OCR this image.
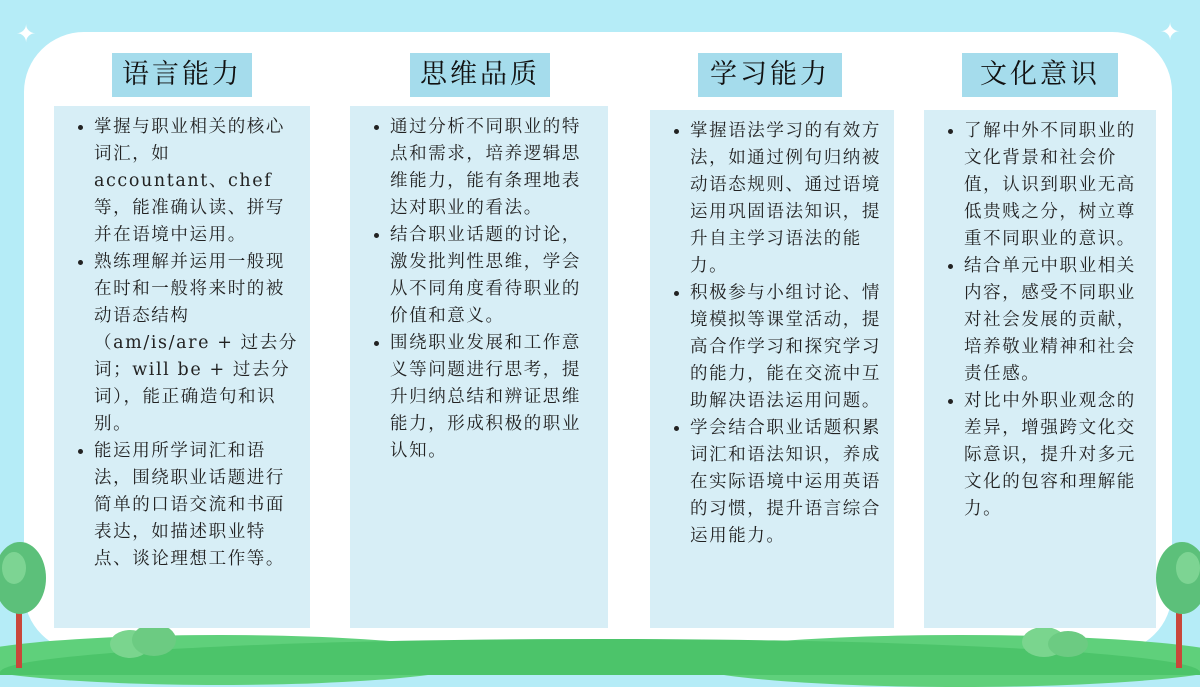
✦	✦
语言能力
• 掌握与职业相关的核心词汇，如accountant、chef等，能准确认读、拼写并在语境中运用。
• 熟练理解并运用一般现在时和一般将来时的被动语态结构（am/is/are + 过去分词；will be + 过去分词），能正确造句和识别。
• 能运用所学词汇和语法，围绕职业话题进行简单的口语交流和书面表达，如描述职业特点、谈论理想工作等。
思维品质
• 通过分析不同职业的特点和需求，培养逻辑思维能力，能有条理地表达对职业的看法。
• 结合职业话题的讨论，激发批判性思维，学会从不同角度看待职业的价值和意义。
• 围绕职业发展和工作意义等问题进行思考，提升归纳总结和辨证思维能力，形成积极的职业认知。
学习能力
• 掌握语法学习的有效方法，如通过例句归纳被动语态规则、通过语境运用巩固语法知识，提升自主学习语法的能力。
• 积极参与小组讨论、情境模拟等课堂活动，提高合作学习和探究学习的能力，能在交流中互助解决语法运用问题。
• 学会结合职业话题积累词汇和语法知识，养成在实际语境中运用英语的习惯，提升语言综合运用能力。
文化意识
• 了解中外不同职业的文化背景和社会价值，认识到职业无高低贵贱之分，树立尊重不同职业的意识。
• 结合单元中职业相关内容，感受不同职业对社会发展的贡献，培养敬业精神和社会责任感。
• 对比中外职业观念的差异，增强跨文化交际意识，提升对多元文化的包容和理解能力。
